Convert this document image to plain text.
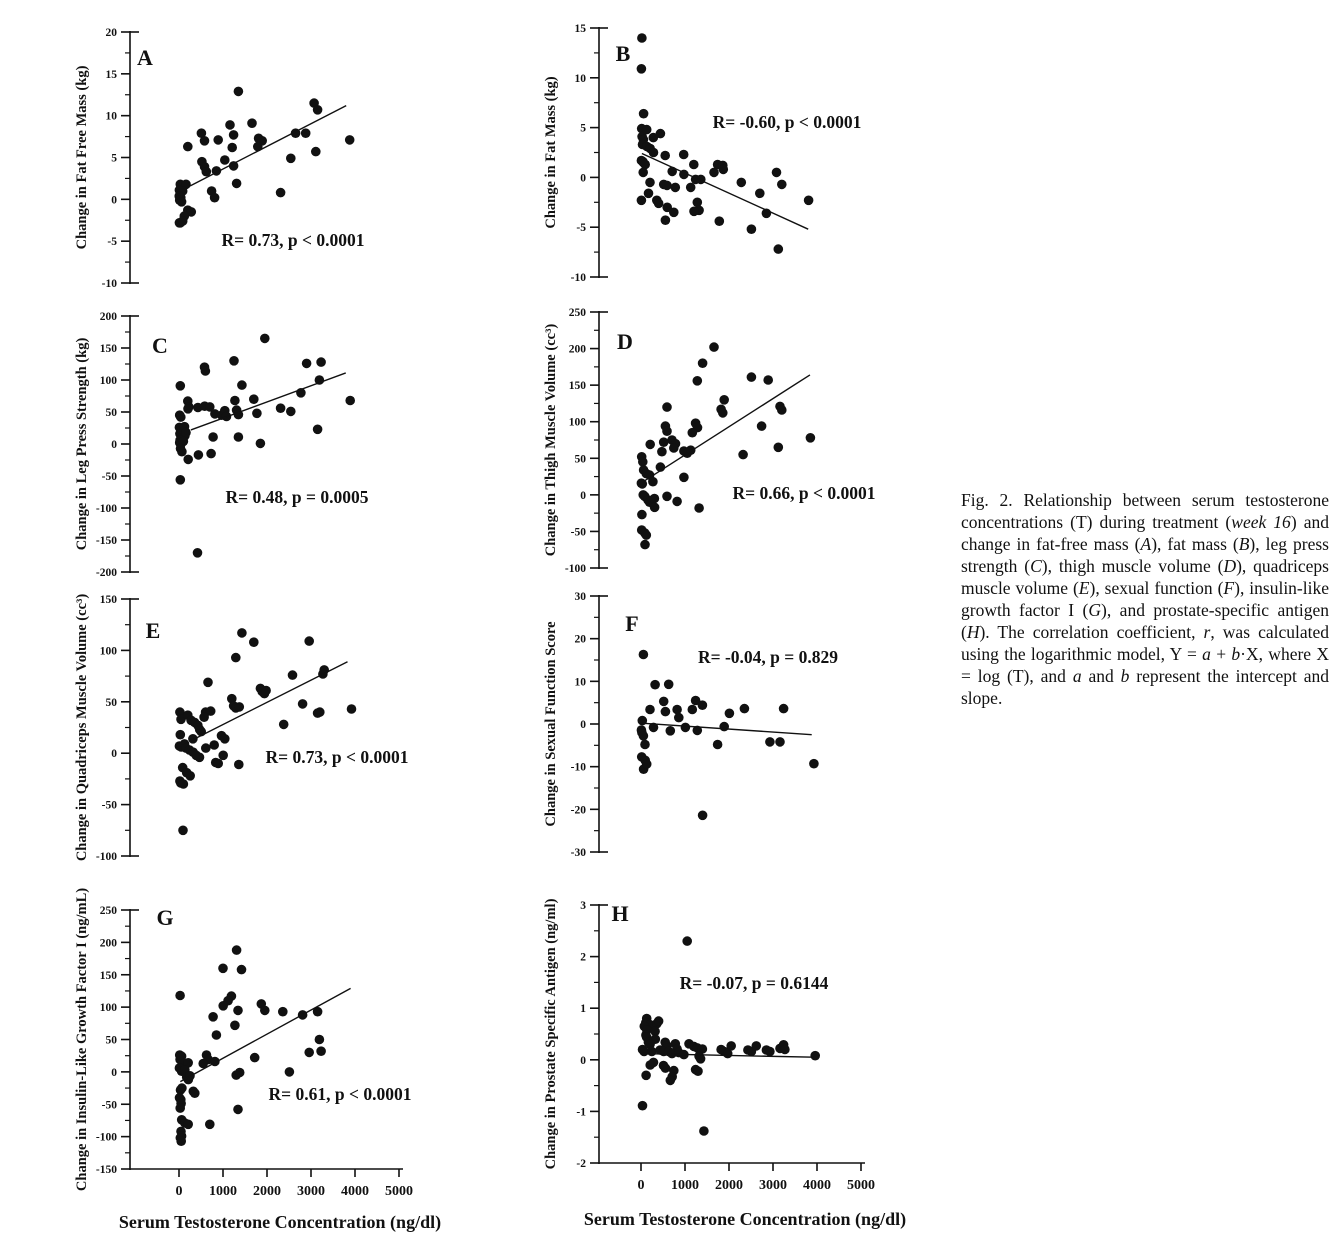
20
15
10
5
0
-5
-10
A
R= 0.73, p < 0.0001
Change in Fat Free Mass (kg)
15
10
5
0
-5
-10
B
R= -0.60, p < 0.0001
Change in Fat Mass (kg)
200
150
100
50
0
-50
-100
-150
-200
C
R= 0.48, p = 0.0005
Change in Leg Press Strength (kg)
250
200
150
100
50
0
-50
-100
D
R= 0.66, p < 0.0001
Change in Thigh Muscle Volume (cc³)
150
100
50
0
-50
-100
E
R= 0.73, p < 0.0001
Change in Quadriceps Muscle Volume (cc³)	30
20
10
0
-10
-20
-30
F
R= -0.04, p = 0.829
Change in Sexual Function Score
250
200
150
100
50
0
-50
-100
-150
0 1000 2000 3000 4000 5000
G
R= 0.61, p < 0.0001
Change in Insulin-Like Growth Factor I (ng/mL)	3
2
1
0
-1
-2
0 1000 2000 3000 4000 5000
H
R= -0.07, p = 0.6144
Change in Prostate Specific Antigen (ng/ml)
Serum Testosterone Concentration (ng/dl)	Serum Testosterone Concentration (ng/dl)
Fig. 2. Relationship between serum testosterone concentrations (T) during treatment (week 16) and change in fat-free mass (A), fat mass (B), leg press strength (C), thigh muscle volume (D), quadriceps muscle volume (E), sexual function (F), insulin-like growth factor I (G), and prostate-specific antigen (H). The correlation coefficient, r, was calculated using the logarithmic model, Y = a + b·X, where X = log (T), and a and b represent the intercept and slope.
